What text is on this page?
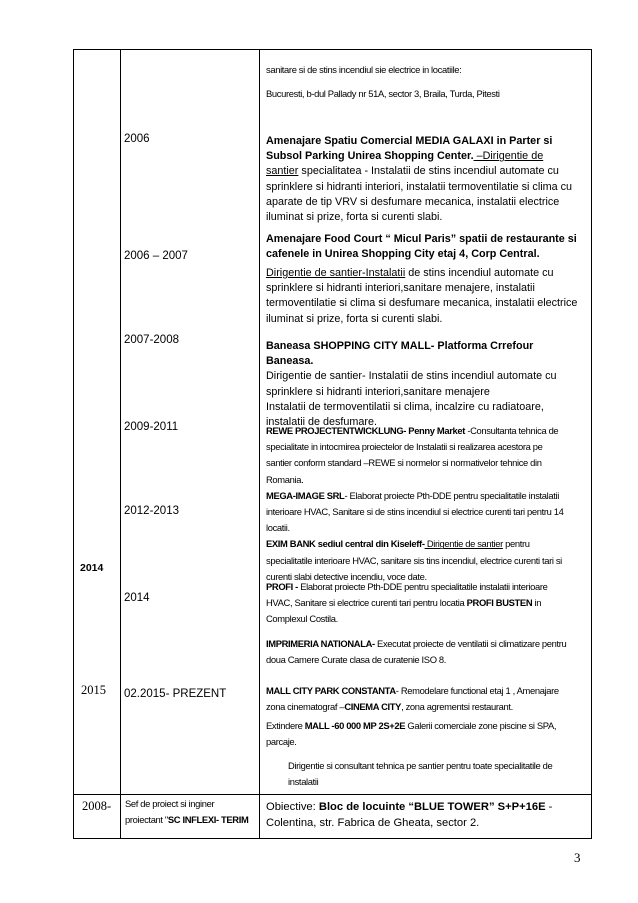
2014
2015
2008-
2006
2006 – 2007
2007-2008
2009-2011
2012-2013
2014
02.2015- PREZENT
Sef de proiect si inginer
proiectant "SC INFLEXI- TERIM
sanitare si de stins incendiul sie electrice in locatiile:
Bucuresti, b-dul Pallady nr 51A, sector 3, Braila, Turda, Pitesti
Amenajare Spatiu Comercial MEDIA GALAXI in Parter si
Subsol Parking Unirea Shopping Center. –Dirigentie de
santier specialitatea - Instalatii de stins incendiul automate cu
sprinklere si hidranti interiori, instalatii termoventilatie si clima cu
aparate de tip VRV si desfumare mecanica, instalatii electrice
iluminat si prize, forta si curenti slabi.
Amenajare Food Court “ Micul Paris” spatii de restaurante si
cafenele in Unirea Shopping City etaj 4, Corp Central.
Dirigentie de santier-Instalatii de stins incendiul automate cu
sprinklere si hidranti interiori,sanitare menajere, instalatii
termoventilatie si clima si desfumare mecanica, instalatii electrice
iluminat si prize, forta si curenti slabi.
Baneasa SHOPPING CITY MALL- Platforma Crrefour
Baneasa.
Dirigentie de santier- Instalatii de stins incendiul automate cu
sprinklere si hidranti interiori,sanitare menajere
Instalatii de termoventilatii si clima, incalzire cu radiatoare,
instalatii de desfumare.
REWE PROJECTENTWICKLUNG- Penny Market -Consultanta tehnica de
specialitate in intocmirea proiectelor de Instalatii si realizarea acestora pe
santier conform standard –REWE si normelor si normativelor tehnice din
Romania.
MEGA-IMAGE SRL- Elaborat proiecte Pth-DDE pentru specialitatile instalatii
interioare HVAC, Sanitare si de stins incendiul si electrice curenti tari pentru 14
locatii.
EXIM BANK sediul central din Kiseleff- Dirigentie de santier pentru
specialitatile interioare HVAC, sanitare sis tins incendiul, electrice curenti tari si
curenti slabi detective incendiu, voce date.
PROFI - Elaborat proiecte Pth-DDE pentru specialitatile instalatii interioare
HVAC, Sanitare si electrice curenti tari pentru locatia PROFI BUSTEN in
Complexul Costila.
IMPRIMERIA NATIONALA- Executat proiecte de ventilatii si climatizare pentru
doua Camere Curate clasa de curatenie ISO 8.
MALL CITY PARK CONSTANTA- Remodelare functional etaj 1 , Amenajare
zona cinematograf –CINEMA CITY, zona agrementsi restaurant.
Extindere MALL -60 000 MP 2S+2E Galerii comerciale zone piscine si SPA,
parcaje.
Dirigentie si consultant tehnica pe santier pentru toate specialitatile de
instalatii
Obiective: Bloc de locuinte “BLUE TOWER” S+P+16E -
Colentina, str. Fabrica de Gheata, sector 2.
3
